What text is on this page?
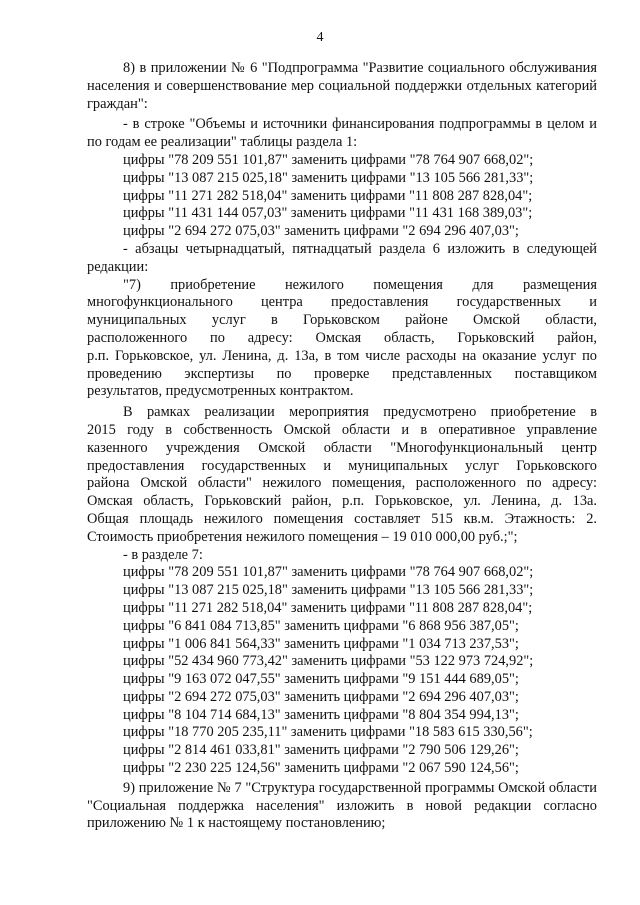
4

8) в приложении № 6 "Подпрограмма "Развитие социального обслуживания населения и совершенствование мер социальной поддержки отдельных категорий граждан":

- в строке "Объемы и источники финансирования подпрограммы в целом и по годам ее реализации" таблицы раздела 1:

цифры "78 209 551 101,87" заменить цифрами "78 764 907 668,02";

цифры "13 087 215 025,18" заменить цифрами "13 105 566 281,33";

цифры "11 271 282 518,04" заменить цифрами "11 808 287 828,04";

цифры "11 431 144 057,03" заменить цифрами "11 431 168 389,03";

цифры "2 694 272 075,03" заменить цифрами "2 694 296 407,03";

- абзацы четырнадцатый, пятнадцатый раздела 6 изложить в следующей редакции:

"7) приобретение нежилого помещения для размещения

многофункционального центра предоставления государственных и

муниципальных услуг в Горьковском районе Омской области,

расположенного по адресу: Омская область, Горьковский район,

р.п. Горьковское, ул. Ленина, д. 13а, в том числе расходы на оказание услуг по

проведению экспертизы по проверке представленных поставщиком

результатов, предусмотренных контрактом.

В рамках реализации мероприятия предусмотрено приобретение в

2015 году в собственность Омской области и в оперативное управление

казенного учреждения Омской области "Многофункциональный центр

предоставления государственных и муниципальных услуг Горьковского

района Омской области" нежилого помещения, расположенного по адресу:

Омская область, Горьковский район, р.п. Горьковское, ул. Ленина, д. 13а.

Общая площадь нежилого помещения составляет 515 кв.м. Этажность: 2.

Стоимость приобретения нежилого помещения – 19 010 000,00 руб.;";

- в разделе 7:

цифры "78 209 551 101,87" заменить цифрами "78 764 907 668,02";

цифры "13 087 215 025,18" заменить цифрами "13 105 566 281,33";

цифры "11 271 282 518,04" заменить цифрами "11 808 287 828,04";

цифры "6 841 084 713,85" заменить цифрами "6 868 956 387,05";

цифры "1 006 841 564,33" заменить цифрами "1 034 713 237,53";

цифры "52 434 960 773,42" заменить цифрами "53 122 973 724,92";

цифры "9 163 072 047,55" заменить цифрами "9 151 444 689,05";

цифры "2 694 272 075,03" заменить цифрами "2 694 296 407,03";

цифры "8 104 714 684,13" заменить цифрами "8 804 354 994,13";

цифры "18 770 205 235,11" заменить цифрами "18 583 615 330,56";

цифры "2 814 461 033,81" заменить цифрами "2 790 506 129,26";

цифры "2 230 225 124,56" заменить цифрами "2 067 590 124,56";

9) приложение № 7 "Структура государственной программы Омской области "Социальная поддержка населения" изложить в новой редакции согласно приложению № 1 к настоящему постановлению;
